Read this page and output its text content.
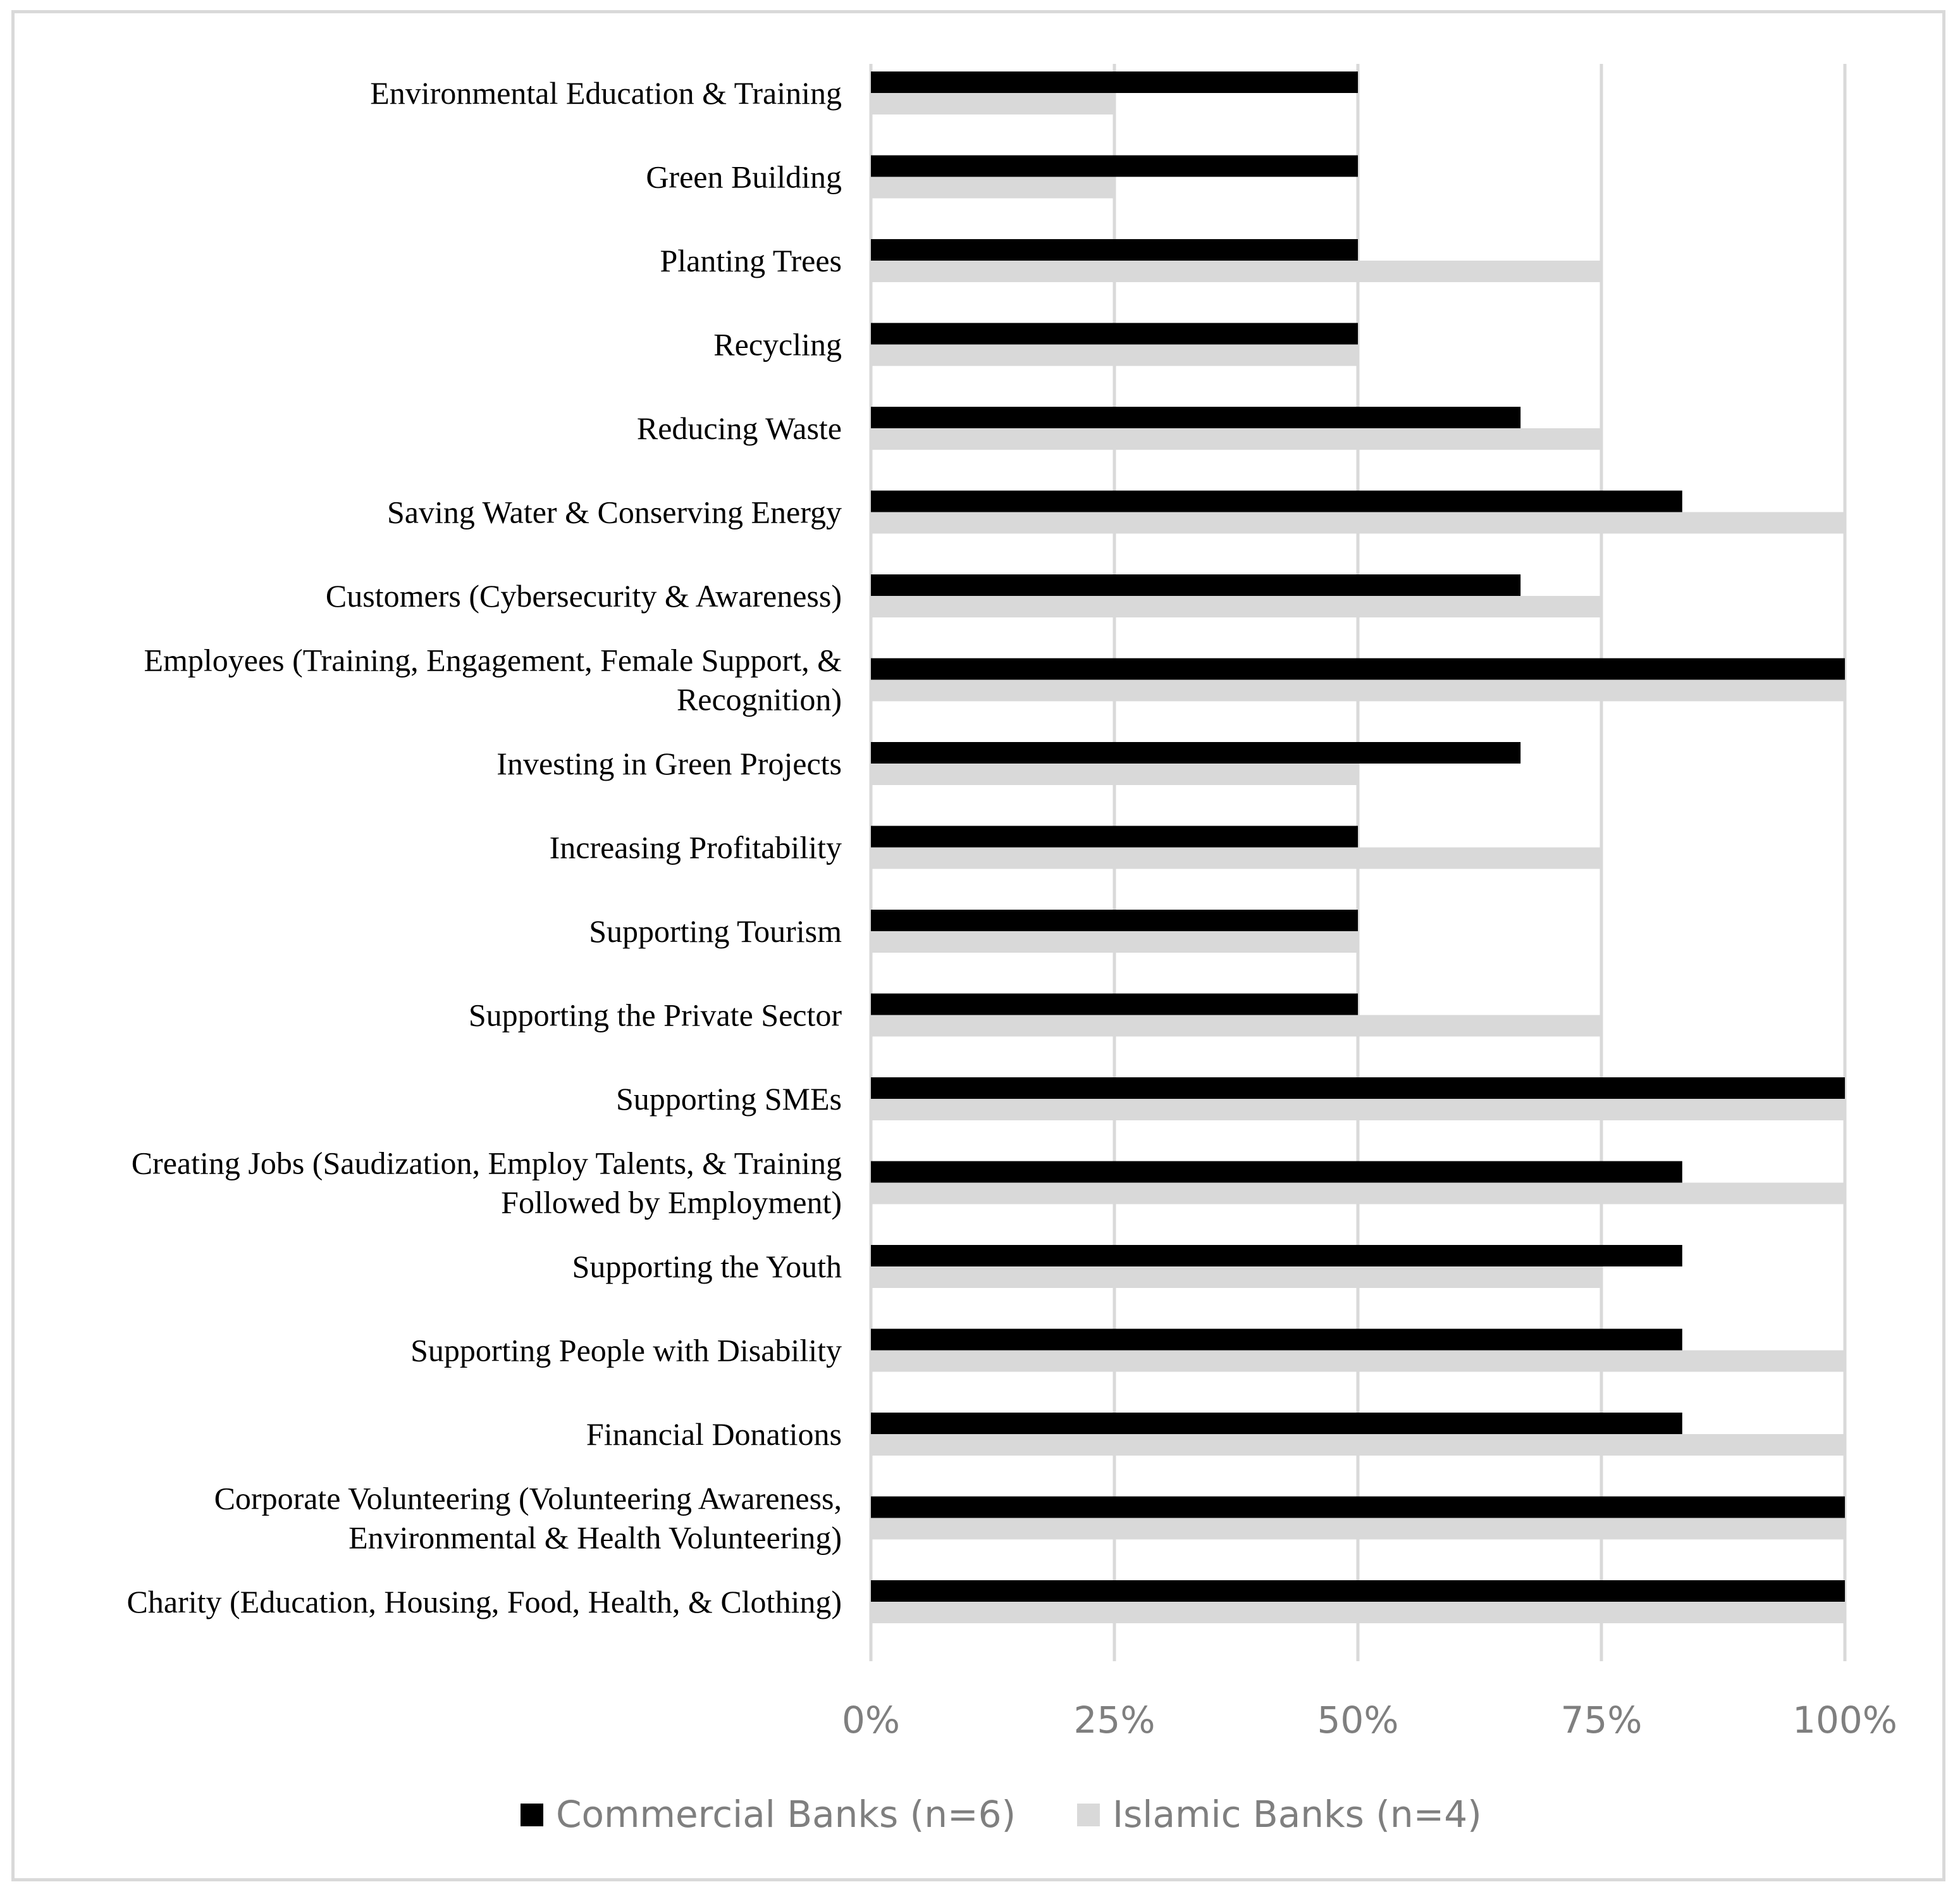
Environmental Education & Training
Green Building
Planting Trees
Recycling
Reducing Waste
Saving Water & Conserving Energy
Customers (Cybersecurity & Awareness)
Employees (Training, Engagement, Female Support, &
Recognition)
Investing in Green Projects
Increasing Profitability
Supporting Tourism
Supporting the Private Sector
Supporting SMEs
Creating Jobs (Saudization, Employ Talents, & Training
Followed by Employment)
Supporting the Youth
Supporting People with Disability
Financial Donations
Corporate Volunteering (Volunteering Awareness,
Environmental & Health Volunteering)
Charity (Education, Housing, Food, Health, & Clothing)
0%	25%	50%	75%	100%
Commercial Banks (n=6)	Islamic Banks (n=4)
